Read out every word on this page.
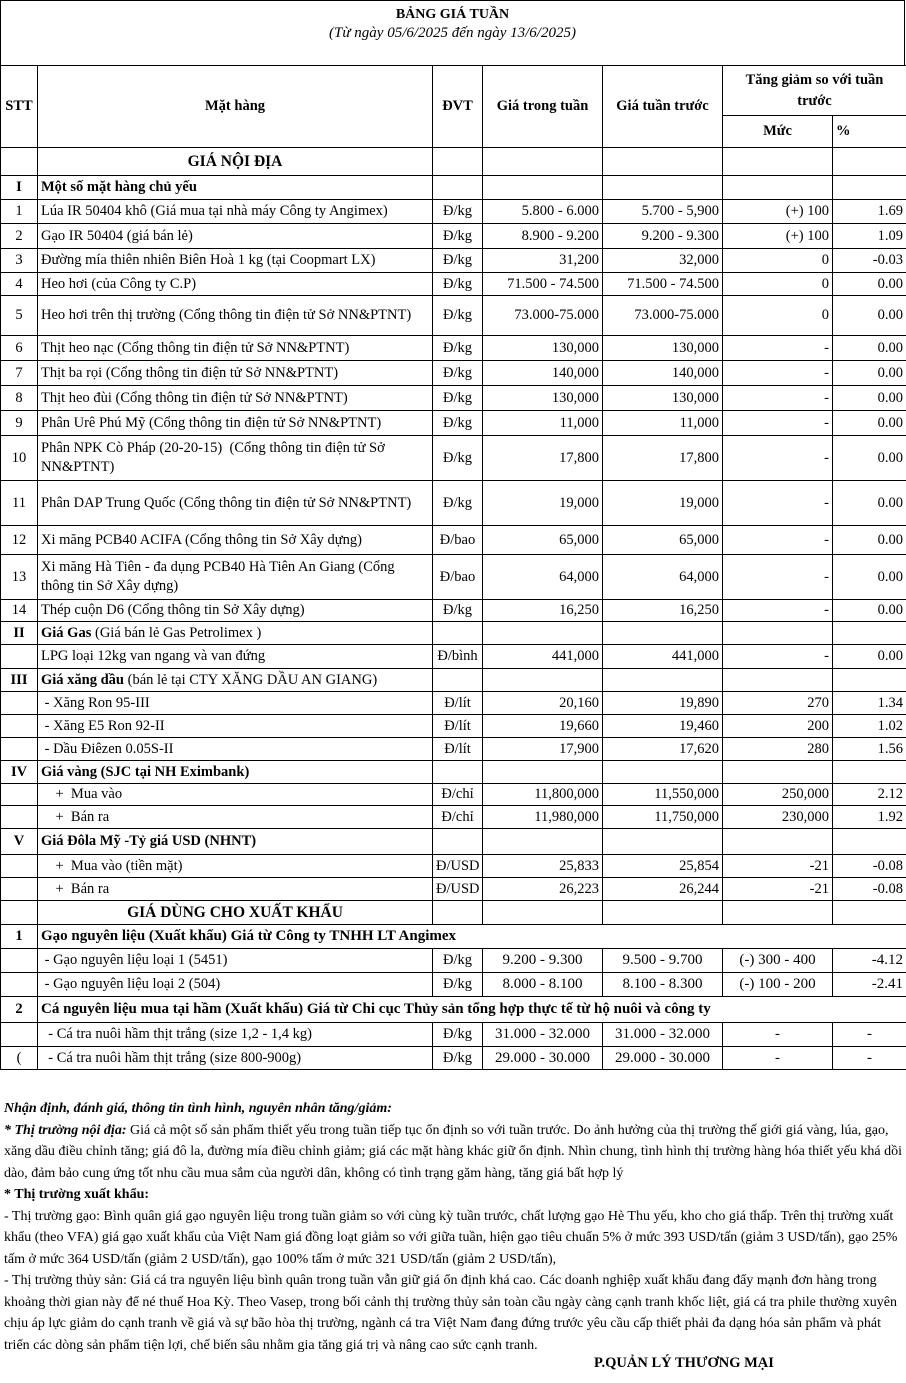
BẢNG GIÁ TUẦN
(Từ ngày 05/6/2025 đến ngày 13/6/2025)
STT	Mặt hàng	ĐVT	Giá trong tuần	Giá tuần trước	Tăng giảm so với tuần trước	
					Mức	%
	GIÁ NỘI ĐỊA					
I	Một số mặt hàng chủ yếu					
1	Lúa IR 50404 khô (Giá mua tại nhà máy Công ty Angimex)	Đ/kg	5.800 - 6.000	5.700 - 5,900	(+) 100	1.69
2	Gạo IR 50404 (giá bán lẻ)	Đ/kg	8.900 - 9.200	9.200 - 9.300	(+) 100	1.09
3	Đường mía thiên nhiên Biên Hoà 1 kg (tại Coopmart LX)	Đ/kg	31,200	32,000	0	-0.03
4	Heo hơi (của Công ty C.P)	Đ/kg	71.500 - 74.500	71.500 - 74.500	0	0.00
5	Heo hơi trên thị trường (Cổng thông tin điện tử Sở NN&PTNT)	Đ/kg	73.000-75.000	73.000-75.000	0	0.00
6	Thịt heo nạc (Cổng thông tin điện tử Sở NN&PTNT)	Đ/kg	130,000	130,000	-	0.00
7	Thịt ba rọi (Cổng thông tin điện tử Sở NN&PTNT)	Đ/kg	140,000	140,000	-	0.00
8	Thịt heo đùi (Cổng thông tin điện tử Sở NN&PTNT)	Đ/kg	130,000	130,000	-	0.00
9	Phân Urê Phú Mỹ (Cổng thông tin điện tử Sở NN&PTNT)	Đ/kg	11,000	11,000	-	0.00
10	Phân NPK Cò Pháp (20-20-15)  (Cổng thông tin điện tử Sở NN&PTNT)	Đ/kg	17,800	17,800	-	0.00
11	Phân DAP Trung Quốc (Cổng thông tin điện tử Sở NN&PTNT)	Đ/kg	19,000	19,000	-	0.00
12	Xi măng PCB40 ACIFA (Cổng thông tin Sở Xây dựng)	Đ/bao	65,000	65,000	-	0.00
13	Xi măng Hà Tiên - đa dụng PCB40 Hà Tiên An Giang (Cổng thông tin Sở Xây dựng)	Đ/bao	64,000	64,000	-	0.00
14	Thép cuộn D6 (Cổng thông tin Sở Xây dựng)	Đ/kg	16,250	16,250	-	0.00
II	Giá Gas (Giá bán lẻ Gas Petrolimex )					
	LPG loại 12kg van ngang và van đứng	Đ/bình	441,000	441,000	-	0.00
III	Giá xăng dầu (bán lẻ tại CTY XĂNG DẦU AN GIANG)					
	- Xăng Ron 95-III	Đ/lít	20,160	19,890	270	1.34
	- Xăng E5 Ron 92-II	Đ/lít	19,660	19,460	200	1.02
	- Dầu Điêzen 0.05S-II	Đ/lít	17,900	17,620	280	1.56
IV	Giá vàng (SJC tại NH Eximbank)					
	+  Mua vào	Đ/chỉ	11,800,000	11,550,000	250,000	2.12
	+  Bán ra	Đ/chỉ	11,980,000	11,750,000	230,000	1.92
V	Giá Đôla Mỹ -Tỷ giá USD (NHNT)					
	+  Mua vào (tiền mặt)	Đ/USD	25,833	25,854	-21	-0.08
	+  Bán ra	Đ/USD	26,223	26,244	-21	-0.08
	GIÁ DÙNG CHO XUẤT KHẨU					
1	Gạo nguyên liệu (Xuất khẩu) Giá từ Công ty TNHH LT Angimex					
	- Gạo nguyên liệu loại 1 (5451)	Đ/kg	9.200 - 9.300	9.500 - 9.700	(-) 300 - 400	-4.12
	- Gạo nguyên liệu loại 2 (504)	Đ/kg	8.000 - 8.100	8.100 - 8.300	(-) 100 - 200	-2.41
2	Cá nguyên liệu mua tại hầm (Xuất khẩu) Giá từ Chi cục Thủy sản tổng hợp thực tế từ hộ nuôi và công ty					
	- Cá tra nuôi hầm thịt trắng (size 1,2 - 1,4 kg)	Đ/kg	31.000 - 32.000	31.000 - 32.000	-	-
(	- Cá tra nuôi hầm thịt trắng (size 800-900g)	Đ/kg	29.000 - 30.000	29.000 - 30.000	-	-
Nhận định, đánh giá, thông tin tình hình, nguyên nhân tăng/giảm:
* Thị trường nội địa: Giá cả một số sản phẩm thiết yếu trong tuần tiếp tục ổn định so với tuần trước. Do ảnh hưởng của thị trường thế giới giá vàng, lúa, gạo, xăng dầu điều chỉnh tăng; giá đô la, đường mía điều chỉnh giảm; giá các mặt hàng khác giữ ổn định. Nhìn chung, tình hình thị trường hàng hóa thiết yếu khá dồi dào, đảm bảo cung ứng tốt nhu cầu mua sắm của người dân, không có tình trạng găm hàng, tăng giá bất hợp lý
* Thị trường xuất khẩu:
- Thị trường gạo: Bình quân giá gạo nguyên liệu trong tuần giảm so với cùng kỳ tuần trước, chất lượng gạo Hè Thu yếu, kho cho giá thấp. Trên thị trường xuất khẩu (theo VFA) giá gạo xuất khẩu của Việt Nam giá đồng loạt giảm so với giữa tuần, hiện gạo tiêu chuẩn 5% ở mức 393 USD/tấn (giảm 3 USD/tấn), gạo 25% tấm ở mức 364 USD/tấn (giảm 2 USD/tấn), gạo 100% tấm ở mức 321 USD/tấn (giảm 2 USD/tấn),
- Thị trường thủy sản: Giá cá tra nguyên liệu bình quân trong tuần vẫn giữ giá ổn định khá cao. Các doanh nghiệp xuất khẩu đang đẩy mạnh đơn hàng trong khoảng thời gian này để né thuế Hoa Kỳ. Theo Vasep, trong bối cảnh thị trường thủy sản toàn cầu ngày càng cạnh tranh khốc liệt, giá cá tra phile thường xuyên chịu áp lực giảm do cạnh tranh về giá và sự bão hòa thị trường, ngành cá tra Việt Nam đang đứng trước yêu cầu cấp thiết phải đa dạng hóa sản phẩm và phát triển các dòng sản phẩm tiện lợi, chế biến sâu nhằm gia tăng giá trị và nâng cao sức cạnh tranh.
P.QUẢN LÝ THƯƠNG MẠI
